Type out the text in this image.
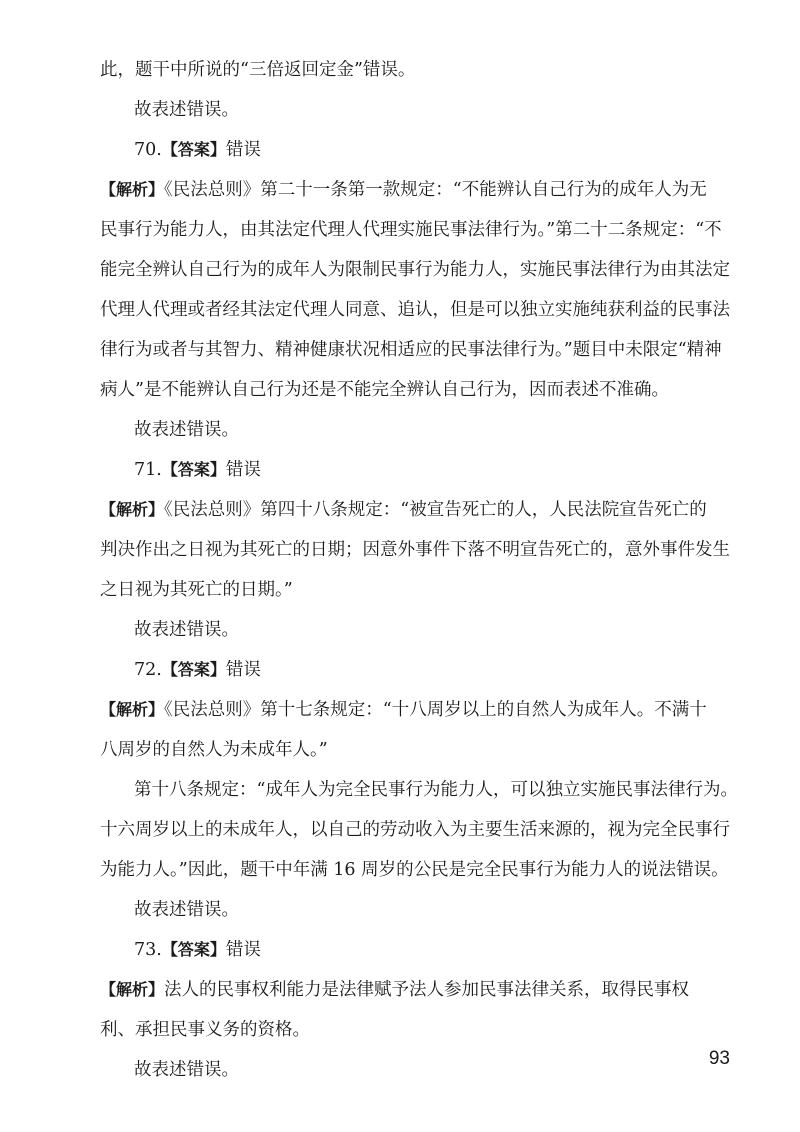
此，题干中所说的“三倍返回定金”错误。
故表述错误。
70.【答案】错误
【解析】《民法总则》第二十一条第一款规定：“不能辨认自己行为的成年人为无
民事行为能力人，由其法定代理人代理实施民事法律行为。”第二十二条规定：“不
能完全辨认自己行为的成年人为限制民事行为能力人，实施民事法律行为由其法定
代理人代理或者经其法定代理人同意、追认，但是可以独立实施纯获利益的民事法
律行为或者与其智力、精神健康状况相适应的民事法律行为。”题目中未限定“精神
病人”是不能辨认自己行为还是不能完全辨认自己行为，因而表述不准确。
故表述错误。
71.【答案】错误
【解析】《民法总则》第四十八条规定：“被宣告死亡的人，人民法院宣告死亡的
判决作出之日视为其死亡的日期；因意外事件下落不明宣告死亡的，意外事件发生
之日视为其死亡的日期。”
故表述错误。
72.【答案】错误
【解析】《民法总则》第十七条规定：“十八周岁以上的自然人为成年人。不满十
八周岁的自然人为未成年人。”
第十八条规定：“成年人为完全民事行为能力人，可以独立实施民事法律行为。
十六周岁以上的未成年人，以自己的劳动收入为主要生活来源的，视为完全民事行
为能力人。”因此，题干中年满 16 周岁的公民是完全民事行为能力人的说法错误。
故表述错误。
73.【答案】错误
【解析】法人的民事权利能力是法律赋予法人参加民事法律关系，取得民事权
利、承担民事义务的资格。
故表述错误。
93
